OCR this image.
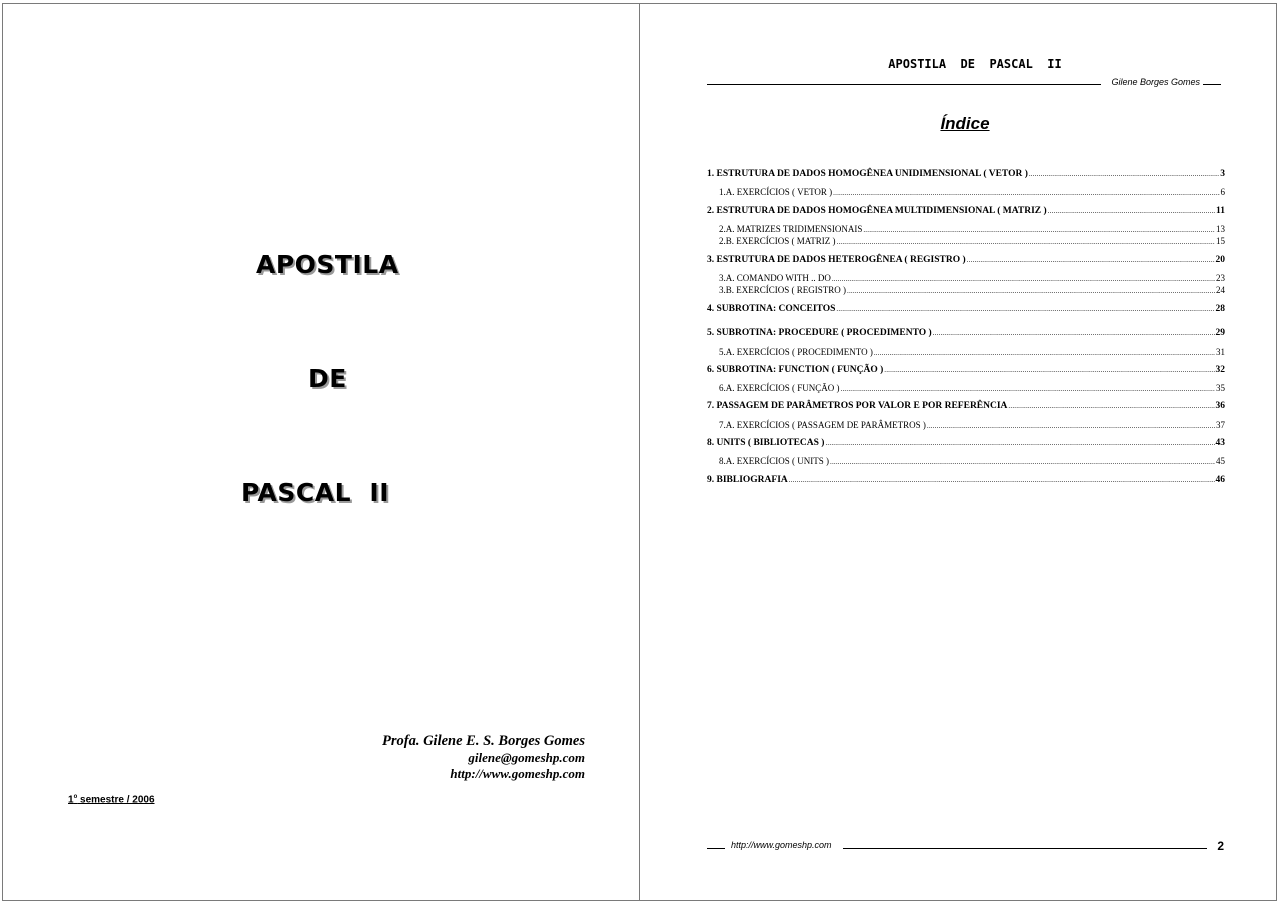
APOSTILA
DE
PASCAL  II
Profa. Gilene E. S. Borges Gomes
gilene@gomeshp.com
http://www.gomeshp.com
1$^o$ semestre / 2006
APOSTILA  DE  PASCAL  II
Gilene Borges Gomes
Índice
1. ESTRUTURA DE DADOS HOMOGÊNEA UNIDIMENSIONAL ( VETOR ) .....	3
1.A. EXERCÍCIOS ( VETOR ) .....	6
2. ESTRUTURA DE DADOS HOMOGÊNEA MULTIDIMENSIONAL ( MATRIZ ) .....	11
2.A. MATRIZES TRIDIMENSIONAIS .....	13
2.B. EXERCÍCIOS ( MATRIZ ) .....	15
3. ESTRUTURA DE DADOS HETEROGÊNEA ( REGISTRO ) .....	20
3.A. COMANDO WITH .. DO .....	23
3.B. EXERCÍCIOS ( REGISTRO ) .....	24
4. SUBROTINA: CONCEITOS .....	28
5. SUBROTINA: PROCEDURE ( PROCEDIMENTO ) .....	29
5.A. EXERCÍCIOS ( PROCEDIMENTO ) .....	31
6. SUBROTINA: FUNCTION ( FUNÇÃO ) .....	32
6.A. EXERCÍCIOS ( FUNÇÃO ) .....	35
7. PASSAGEM DE PARÂMETROS POR VALOR E POR REFERÊNCIA .....	36
7.A. EXERCÍCIOS ( PASSAGEM DE PARÂMETROS ) .....	37
8. UNITS ( BIBLIOTECAS ) .....	43
8.A. EXERCÍCIOS ( UNITS ) .....	45
9. BIBLIOGRAFIA .....	46
http://www.gomeshp.com	2
